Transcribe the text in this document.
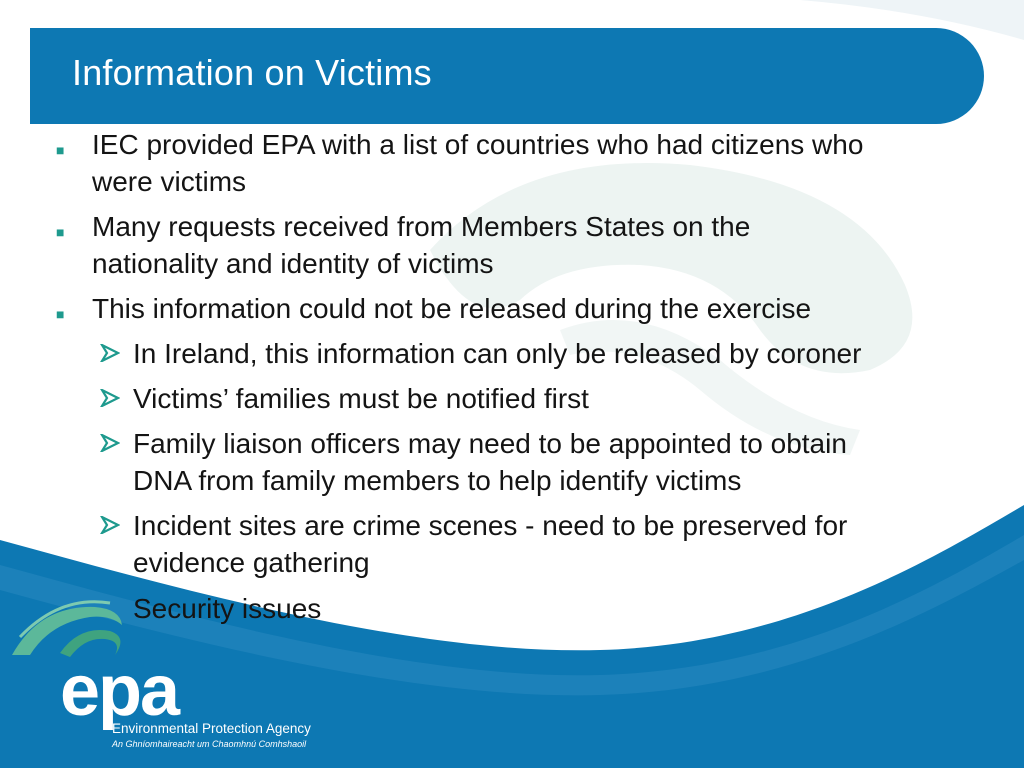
Information on Victims
■ IEC provided EPA with a list of countries who had citizens who
were victims
■ Many requests received from Members States on the
nationality and identity of victims
■ This information could not be released during the exercise
In Ireland, this information can only be released by coroner
Victims’ families must be notified first
Family liaison officers may need to be appointed to obtain
DNA from family members to help identify victims
Incident sites are crime scenes - need to be preserved for
evidence gathering
Security issues
epa
Environmental Protection Agency
An Ghníomhaireacht um Chaomhnú Comhshaoil
